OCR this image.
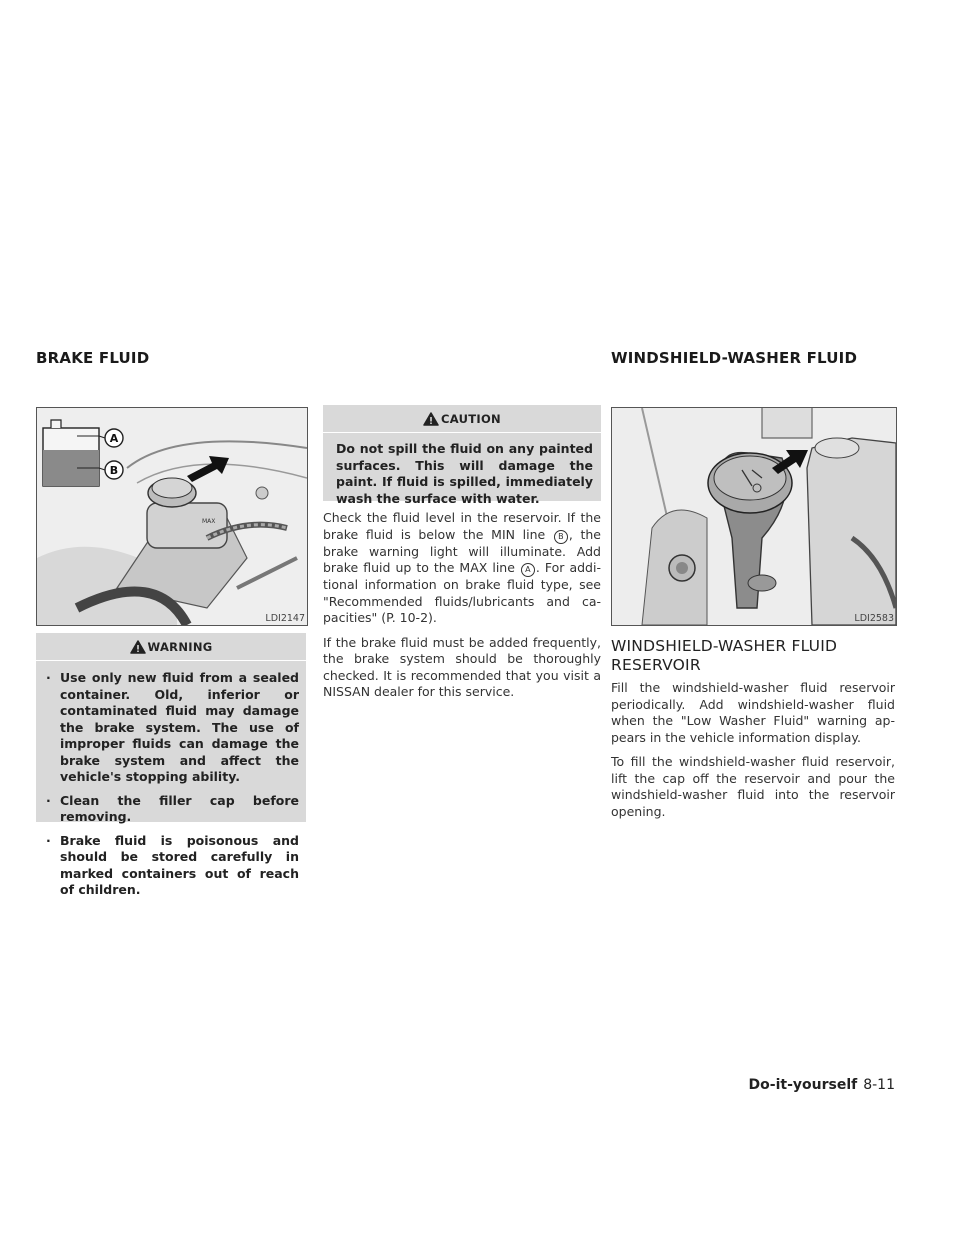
BRAKE FLUID	WINDSHIELD-WASHER FLUID
MAX
A
B
LDI2147
WARNING
· Use only new fluid from a sealed container. Old, inferior or contaminated fluid may damage the brake system. The use of improper fluids can damage the brake system and affect the vehicle's stopping ability.
· Clean the filler cap before removing.
· Brake fluid is poisonous and should be stored carefully in marked containers out of reach of children.
CAUTION
Do not spill the fluid on any painted surfaces. This will damage the paint. If fluid is spilled, immediately wash the surface with water.

Check the fluid level in the reservoir. If the brake fluid is below the MIN line B , the brake warning light will illuminate. Add brake fluid up to the MAX line A . For additional information on brake fluid type, see "Recommended fluids/lubricants and capacities" (P. 10-2).

If the brake fluid must be added frequently, the brake system should be thoroughly checked. It is recommended that you visit a NISSAN dealer for this service.

LDI2583
WINDSHIELD-WASHER FLUID RESERVOIR

Fill the windshield-washer fluid reservoir periodically. Add windshield-washer fluid when the "Low Washer Fluid" warning appears in the vehicle information display.

To fill the windshield-washer fluid reservoir, lift the cap off the reservoir and pour the windshield-washer fluid into the reservoir opening.

Do-it-yourself 8-11
